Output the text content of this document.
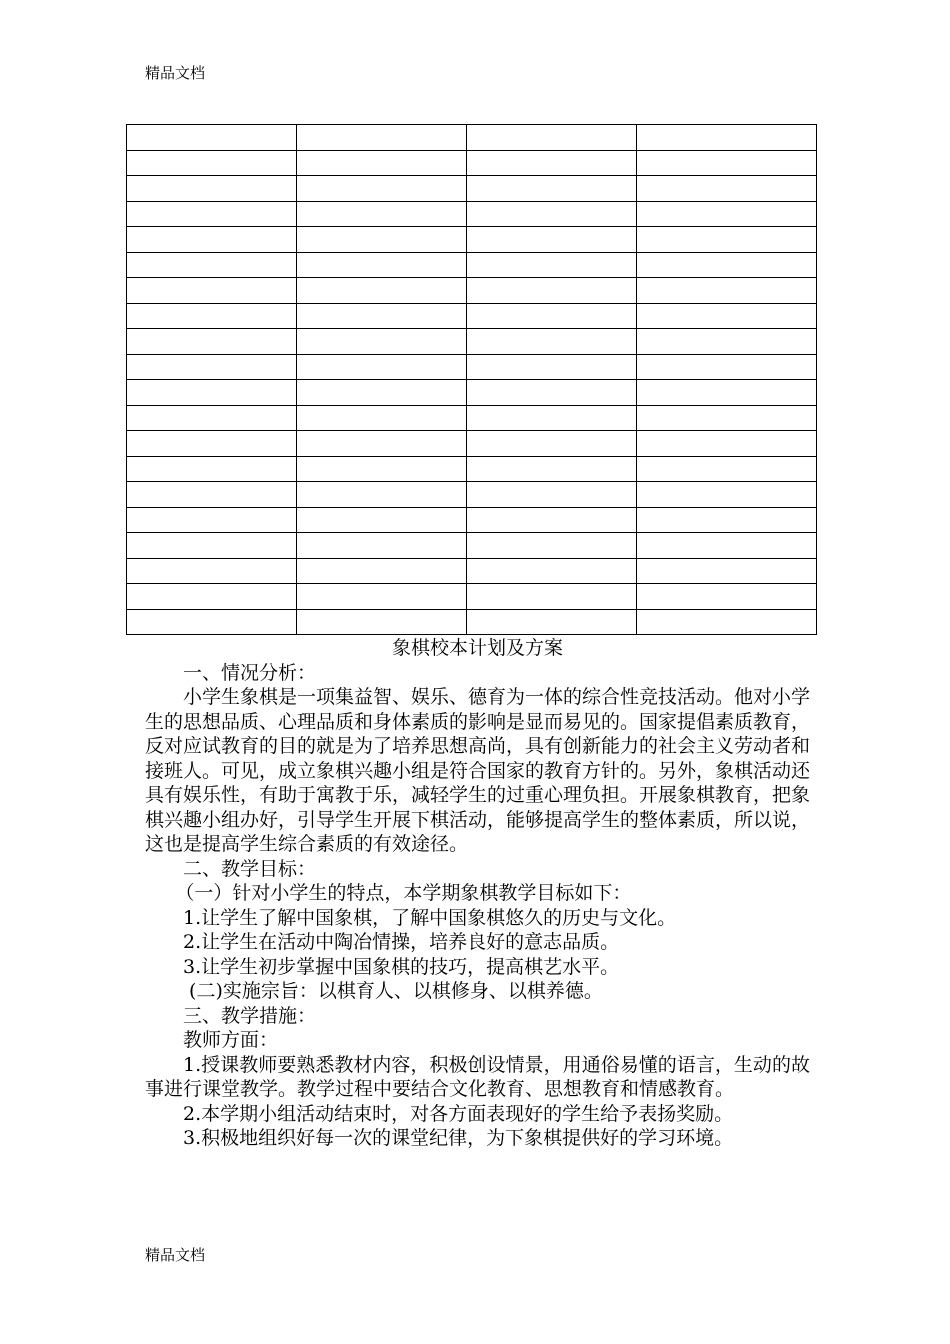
精品文档

象棋校本计划及方案

一、情况分析：

小学生象棋是一项集益智、娱乐、德育为一体的综合性竞技活动。他对小学生的思想品质、心理品质和身体素质的影响是显而易见的。国家提倡素质教育，反对应试教育的目的就是为了培养思想高尚，具有创新能力的社会主义劳动者和接班人。可见，成立象棋兴趣小组是符合国家的教育方针的。另外，象棋活动还具有娱乐性，有助于寓教于乐，减轻学生的过重心理负担。开展象棋教育，把象棋兴趣小组办好，引导学生开展下棋活动，能够提高学生的整体素质，所以说，这也是提高学生综合素质的有效途径。

二、教学目标：

（一）针对小学生的特点，本学期象棋教学目标如下：

1.让学生了解中国象棋，了解中国象棋悠久的历史与文化。

2.让学生在活动中陶冶情操，培养良好的意志品质。

3.让学生初步掌握中国象棋的技巧，提高棋艺水平。

(二)实施宗旨：以棋育人、以棋修身、以棋养德。

三、教学措施：

教师方面：

1.授课教师要熟悉教材内容，积极创设情景，用通俗易懂的语言，生动的故事进行课堂教学。教学过程中要结合文化教育、思想教育和情感教育。

2.本学期小组活动结束时，对各方面表现好的学生给予表扬奖励。

3.积极地组织好每一次的课堂纪律，为下象棋提供好的学习环境。

精品文档
